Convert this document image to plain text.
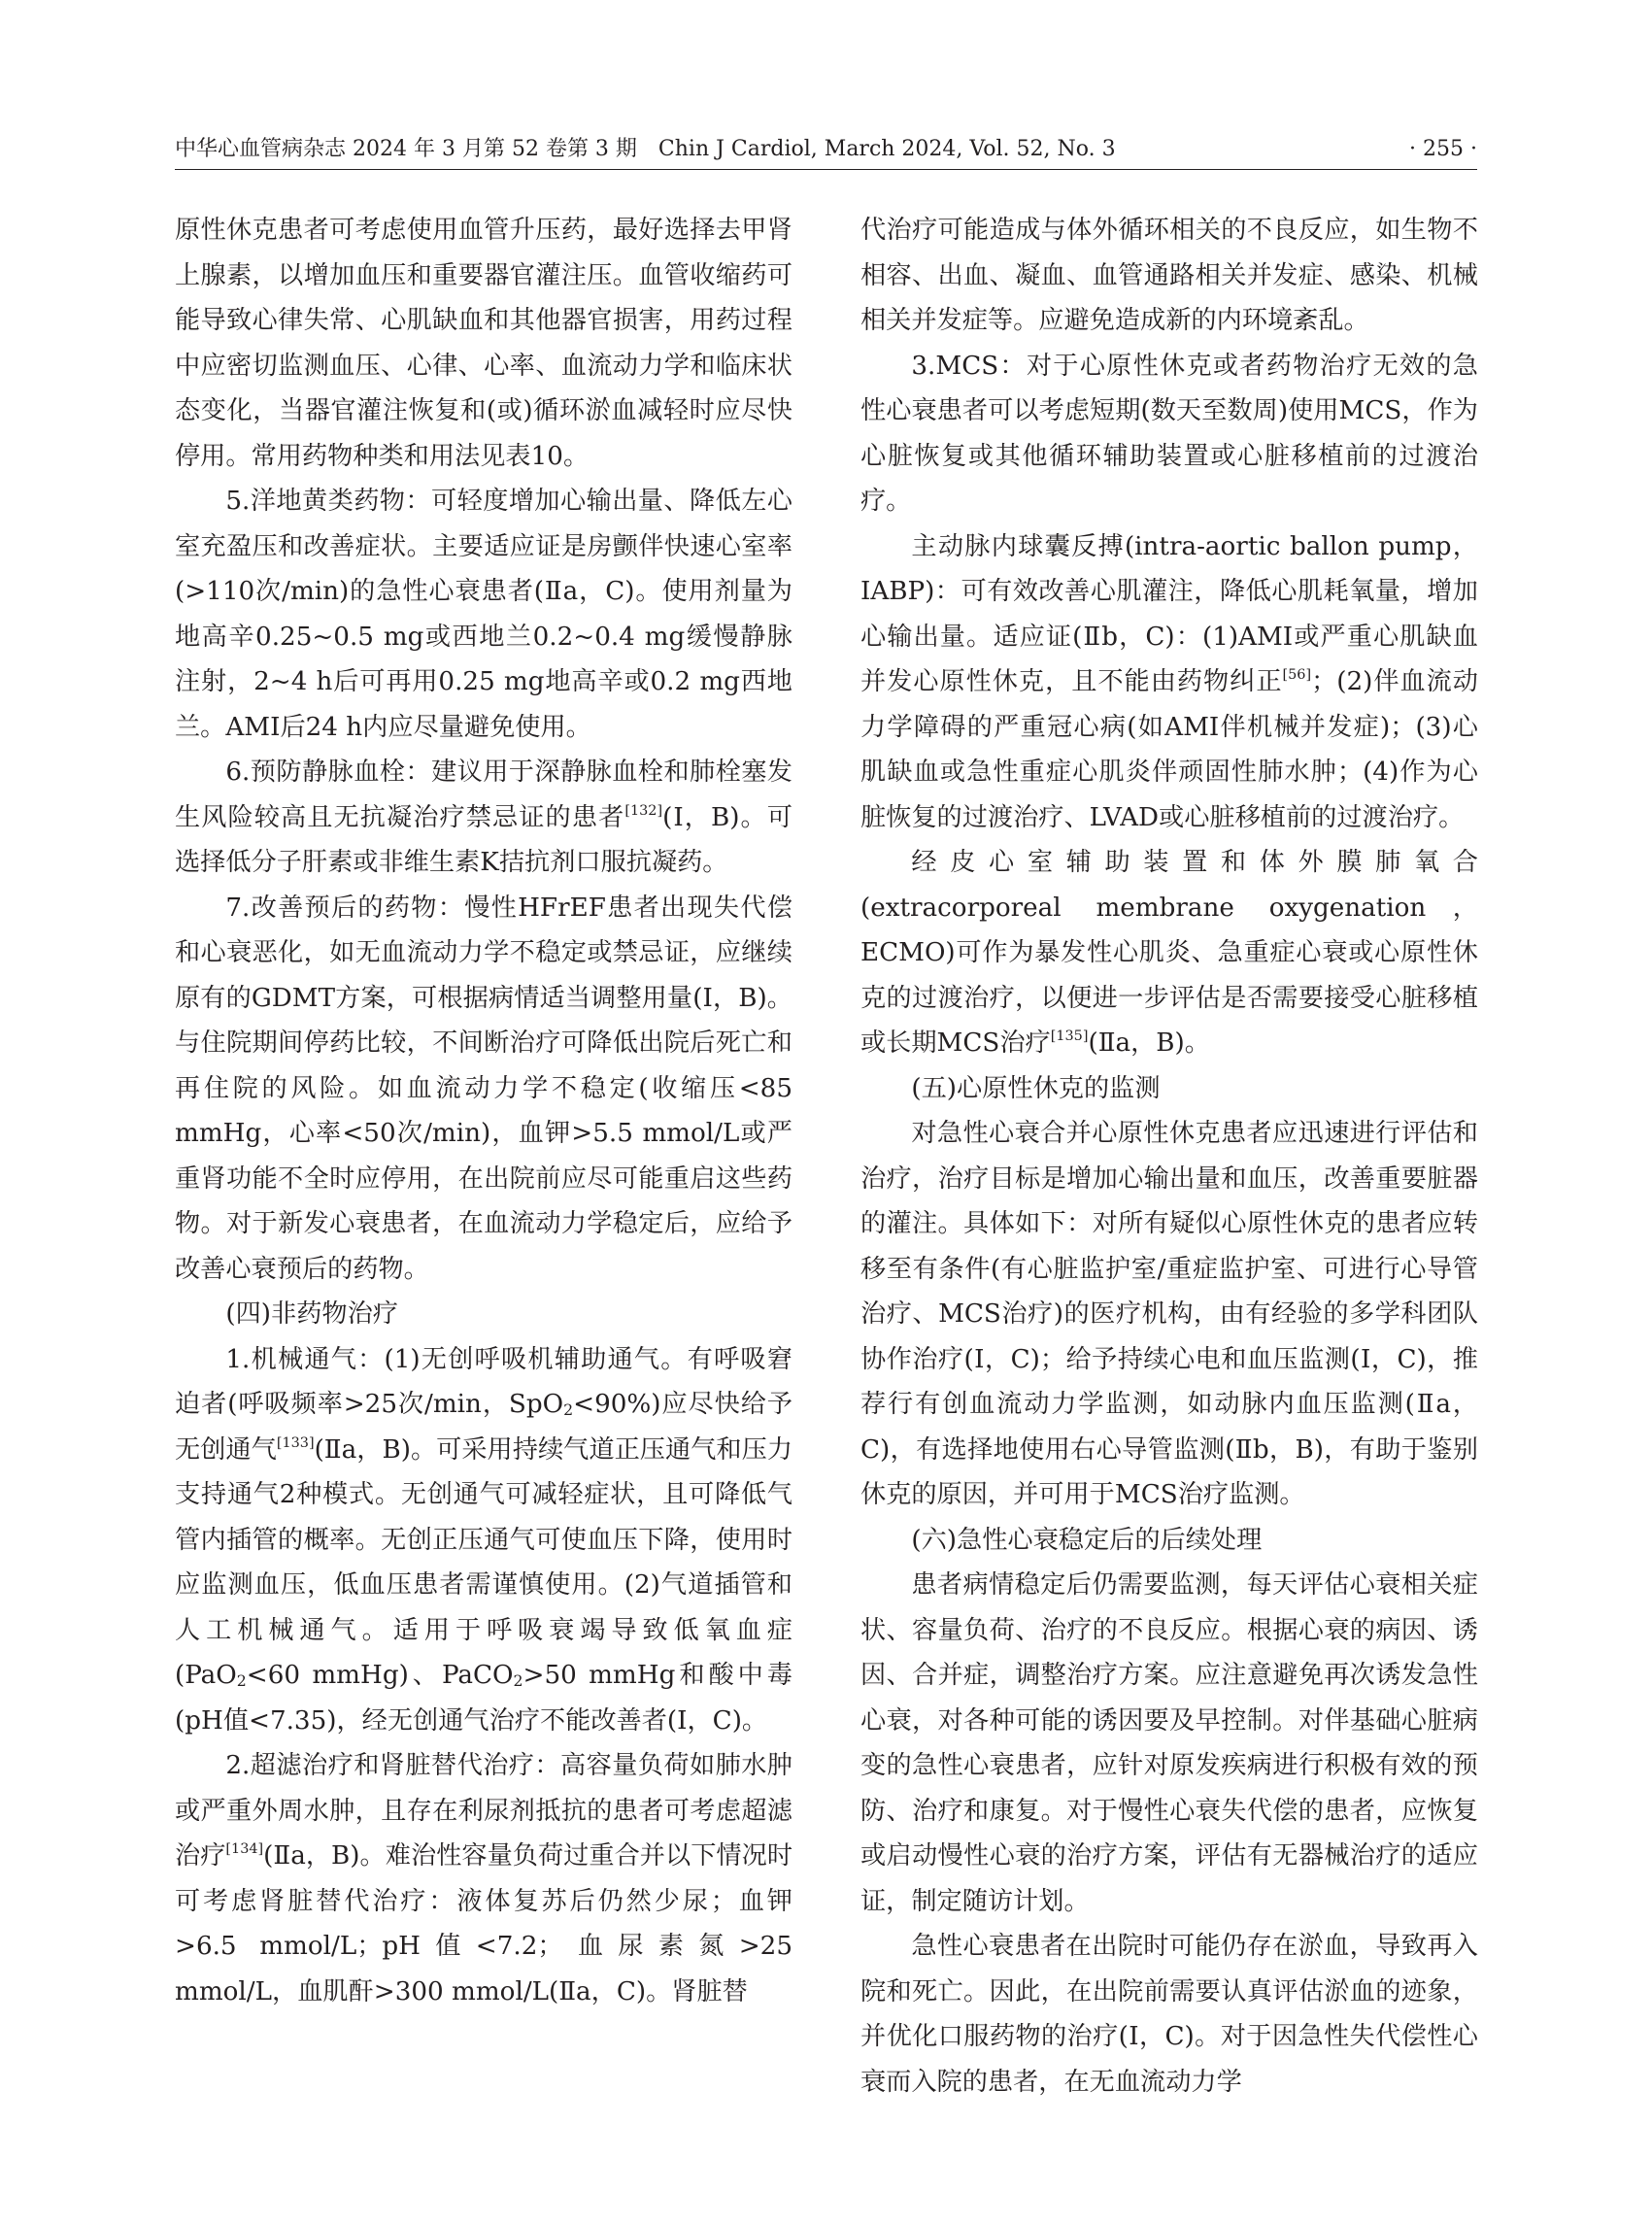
中华心血管病杂志 2024 年 3 月第 52 卷第 3 期　Chin J Cardiol, March 2024, Vol. 52, No. 3	· 255 ·

原性休克患者可考虑使用血管升压药，最好选择去甲肾上腺素，以增加血压和重要器官灌注压。血管收缩药可能导致心律失常、心肌缺血和其他器官损害，用药过程中应密切监测血压、心律、心率、血流动力学和临床状态变化，当器官灌注恢复和(或)循环淤血减轻时应尽快停用。常用药物种类和用法见表10。

5.洋地黄类药物：可轻度增加心输出量、降低左心室充盈压和改善症状。主要适应证是房颤伴快速心室率(>110次/min)的急性心衰患者(Ⅱa，C)。使用剂量为地高辛0.25~0.5 mg或西地兰0.2~0.4 mg缓慢静脉注射，2~4 h后可再用0.25 mg地高辛或0.2 mg西地兰。AMI后24 h内应尽量避免使用。

6.预防静脉血栓：建议用于深静脉血栓和肺栓塞发生风险较高且无抗凝治疗禁忌证的患者[132](Ⅰ，B)。可选择低分子肝素或非维生素K拮抗剂口服抗凝药。

7.改善预后的药物：慢性HFrEF患者出现失代偿和心衰恶化，如无血流动力学不稳定或禁忌证，应继续原有的GDMT方案，可根据病情适当调整用量(Ⅰ，B)。与住院期间停药比较，不间断治疗可降低出院后死亡和再住院的风险。如血流动力学不稳定(收缩压<85 mmHg，心率<50次/min)，血钾>5.5 mmol/L或严重肾功能不全时应停用，在出院前应尽可能重启这些药物。对于新发心衰患者，在血流动力学稳定后，应给予改善心衰预后的药物。

(四)非药物治疗

1.机械通气：(1)无创呼吸机辅助通气。有呼吸窘迫者(呼吸频率>25次/min，SpO$_2$<90%)应尽快给予无创通气[133](Ⅱa，B)。可采用持续气道正压通气和压力支持通气2种模式。无创通气可减轻症状，且可降低气管内插管的概率。无创正压通气可使血压下降，使用时应监测血压，低血压患者需谨慎使用。(2)气道插管和人工机械通气。适用于呼吸衰竭导致低氧血症(PaO$_2$<60 mmHg)、PaCO$_2$>50 mmHg和酸中毒(pH值<7.35)，经无创通气治疗不能改善者(Ⅰ，C)。

2.超滤治疗和肾脏替代治疗：高容量负荷如肺水肿或严重外周水肿，且存在利尿剂抵抗的患者可考虑超滤治疗[134](Ⅱa，B)。难治性容量负荷过重合并以下情况时可考虑肾脏替代治疗：液体复苏后仍然少尿；血钾>6.5 mmol/L；pH值<7.2；血尿素氮>25 mmol/L，血肌酐>300 mmol/L(Ⅱa，C)。肾脏替

代治疗可能造成与体外循环相关的不良反应，如生物不相容、出血、凝血、血管通路相关并发症、感染、机械相关并发症等。应避免造成新的内环境紊乱。

3.MCS：对于心原性休克或者药物治疗无效的急性心衰患者可以考虑短期(数天至数周)使用MCS，作为心脏恢复或其他循环辅助装置或心脏移植前的过渡治疗。

主动脉内球囊反搏(intra-aortic ballon pump，IABP)：可有效改善心肌灌注，降低心肌耗氧量，增加心输出量。适应证(Ⅱb，C)：(1)AMI或严重心肌缺血并发心原性休克，且不能由药物纠正[56]；(2)伴血流动力学障碍的严重冠心病(如AMI伴机械并发症)；(3)心肌缺血或急性重症心肌炎伴顽固性肺水肿；(4)作为心脏恢复的过渡治疗、LVAD或心脏移植前的过渡治疗。

经皮心室辅助装置和体外膜肺氧合(extracorporeal membrane oxygenation，ECMO)可作为暴发性心肌炎、急重症心衰或心原性休克的过渡治疗，以便进一步评估是否需要接受心脏移植或长期MCS治疗[135](Ⅱa，B)。

(五)心原性休克的监测

对急性心衰合并心原性休克患者应迅速进行评估和治疗，治疗目标是增加心输出量和血压，改善重要脏器的灌注。具体如下：对所有疑似心原性休克的患者应转移至有条件(有心脏监护室/重症监护室、可进行心导管治疗、MCS治疗)的医疗机构，由有经验的多学科团队协作治疗(Ⅰ，C)；给予持续心电和血压监测(Ⅰ，C)，推荐行有创血流动力学监测，如动脉内血压监测(Ⅱa，C)，有选择地使用右心导管监测(Ⅱb，B)，有助于鉴别休克的原因，并可用于MCS治疗监测。

(六)急性心衰稳定后的后续处理

患者病情稳定后仍需要监测，每天评估心衰相关症状、容量负荷、治疗的不良反应。根据心衰的病因、诱因、合并症，调整治疗方案。应注意避免再次诱发急性心衰，对各种可能的诱因要及早控制。对伴基础心脏病变的急性心衰患者，应针对原发疾病进行积极有效的预防、治疗和康复。对于慢性心衰失代偿的患者，应恢复或启动慢性心衰的治疗方案，评估有无器械治疗的适应证，制定随访计划。

急性心衰患者在出院时可能仍存在淤血，导致再入院和死亡。因此，在出院前需要认真评估淤血的迹象，并优化口服药物的治疗(Ⅰ，C)。对于因急性失代偿性心衰而入院的患者，在无血流动力学
